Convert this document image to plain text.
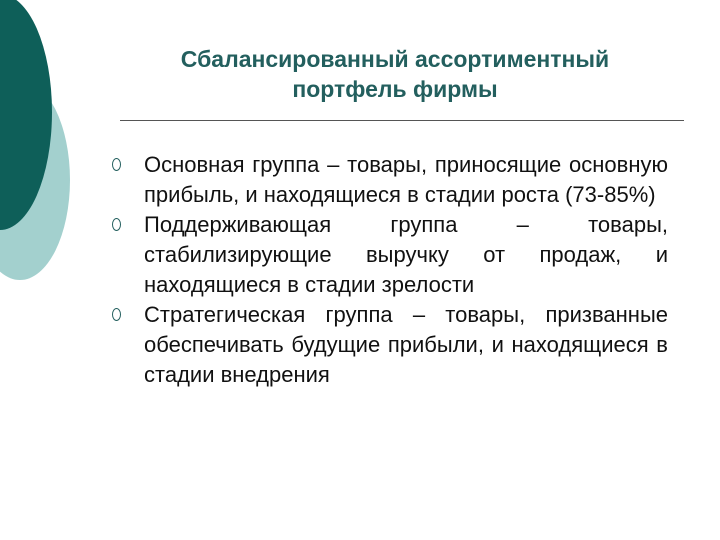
Сбалансированный ассортиментный
портфель фирмы
Основная группа – товары, приносящие основную прибыль, и находящиеся в стадии роста (73-85%)
Поддерживающая группа – товары, стабилизирующие выручку от продаж, и находящиеся в стадии зрелости
Стратегическая группа – товары, призванные обеспечивать будущие прибыли, и находящиеся в стадии внедрения
